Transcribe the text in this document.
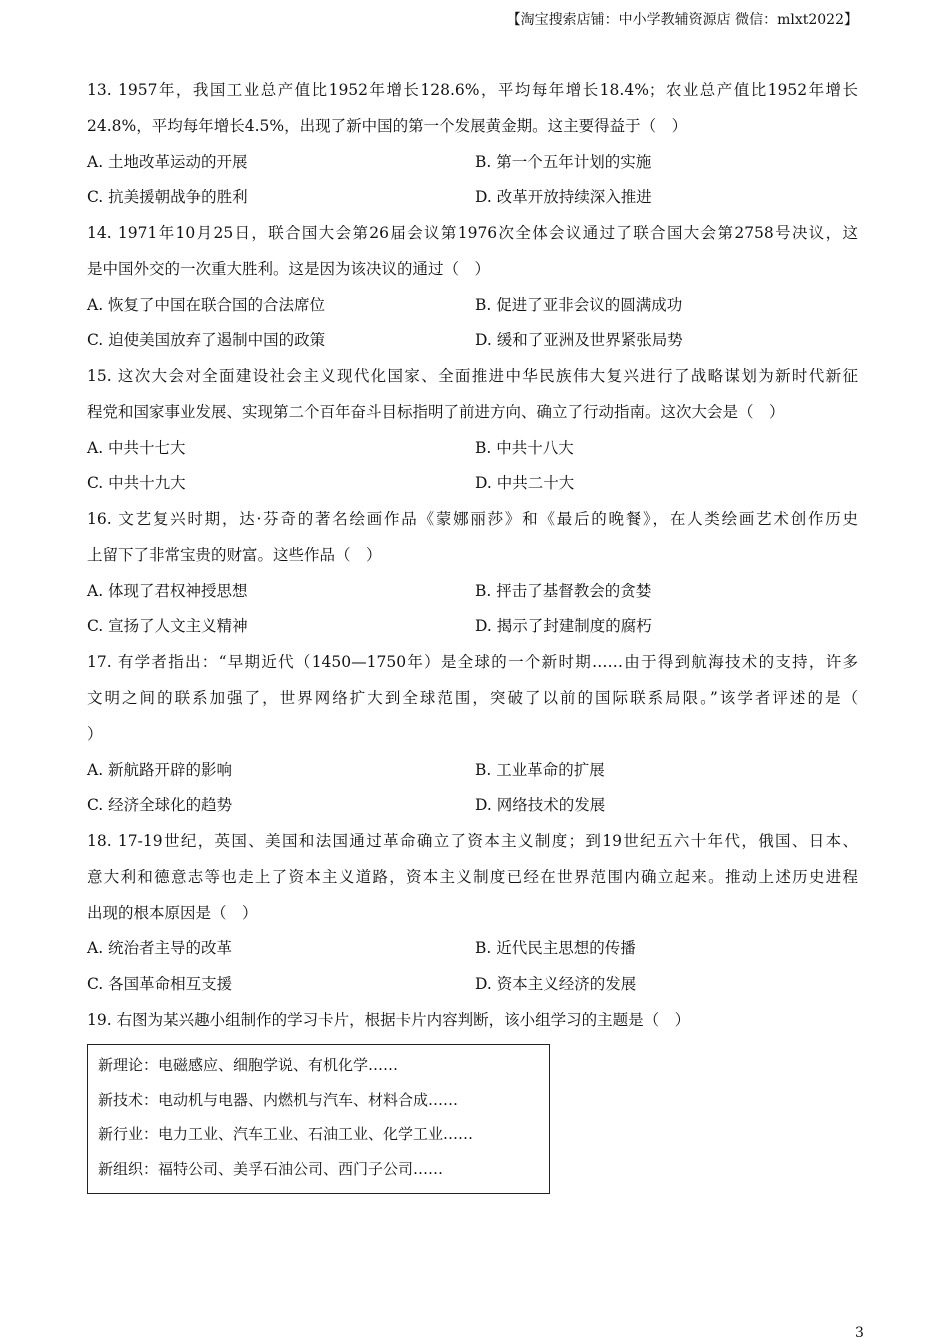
【淘宝搜索店铺：中小学教辅资源店 微信：mlxt2022】
13. 1957年，我国工业总产值比1952年增长128.6%，平均每年增长18.4%；农业总产值比1952年增长
24.8%，平均每年增长4.5%，出现了新中国的第一个发展黄金期。这主要得益于（　）
A. 土地改革运动的开展	B. 第一个五年计划的实施
C. 抗美援朝战争的胜利	D. 改革开放持续深入推进
14. 1971年10月25日，联合国大会第26届会议第1976次全体会议通过了联合国大会第2758号决议，这
是中国外交的一次重大胜利。这是因为该决议的通过（　）
A. 恢复了中国在联合国的合法席位	B. 促进了亚非会议的圆满成功
C. 迫使美国放弃了遏制中国的政策	D. 缓和了亚洲及世界紧张局势
15. 这次大会对全面建设社会主义现代化国家、全面推进中华民族伟大复兴进行了战略谋划为新时代新征
程党和国家事业发展、实现第二个百年奋斗目标指明了前进方向、确立了行动指南。这次大会是（　）
A. 中共十七大	B. 中共十八大
C. 中共十九大	D. 中共二十大
16. 文艺复兴时期，达·芬奇的著名绘画作品《蒙娜丽莎》和《最后的晚餐》，在人类绘画艺术创作历史
上留下了非常宝贵的财富。这些作品（　）
A. 体现了君权神授思想	B. 抨击了基督教会的贪婪
C. 宣扬了人文主义精神	D. 揭示了封建制度的腐朽
17. 有学者指出：“早期近代（1450—1750年）是全球的一个新时期……由于得到航海技术的支持，许多
文明之间的联系加强了，世界网络扩大到全球范围，突破了以前的国际联系局限。”该学者评述的是（
）
A. 新航路开辟的影响	B. 工业革命的扩展
C. 经济全球化的趋势	D. 网络技术的发展
18. 17-19世纪，英国、美国和法国通过革命确立了资本主义制度；到19世纪五六十年代，俄国、日本、
意大利和德意志等也走上了资本主义道路，资本主义制度已经在世界范围内确立起来。推动上述历史进程
出现的根本原因是（　）
A. 统治者主导的改革	B. 近代民主思想的传播
C. 各国革命相互支援	D. 资本主义经济的发展
19. 右图为某兴趣小组制作的学习卡片，根据卡片内容判断，该小组学习的主题是（　）
新理论：电磁感应、细胞学说、有机化学……
新技术：电动机与电器、内燃机与汽车、材料合成……
新行业：电力工业、汽车工业、石油工业、化学工业……
新组织：福特公司、美孚石油公司、西门子公司……
3
